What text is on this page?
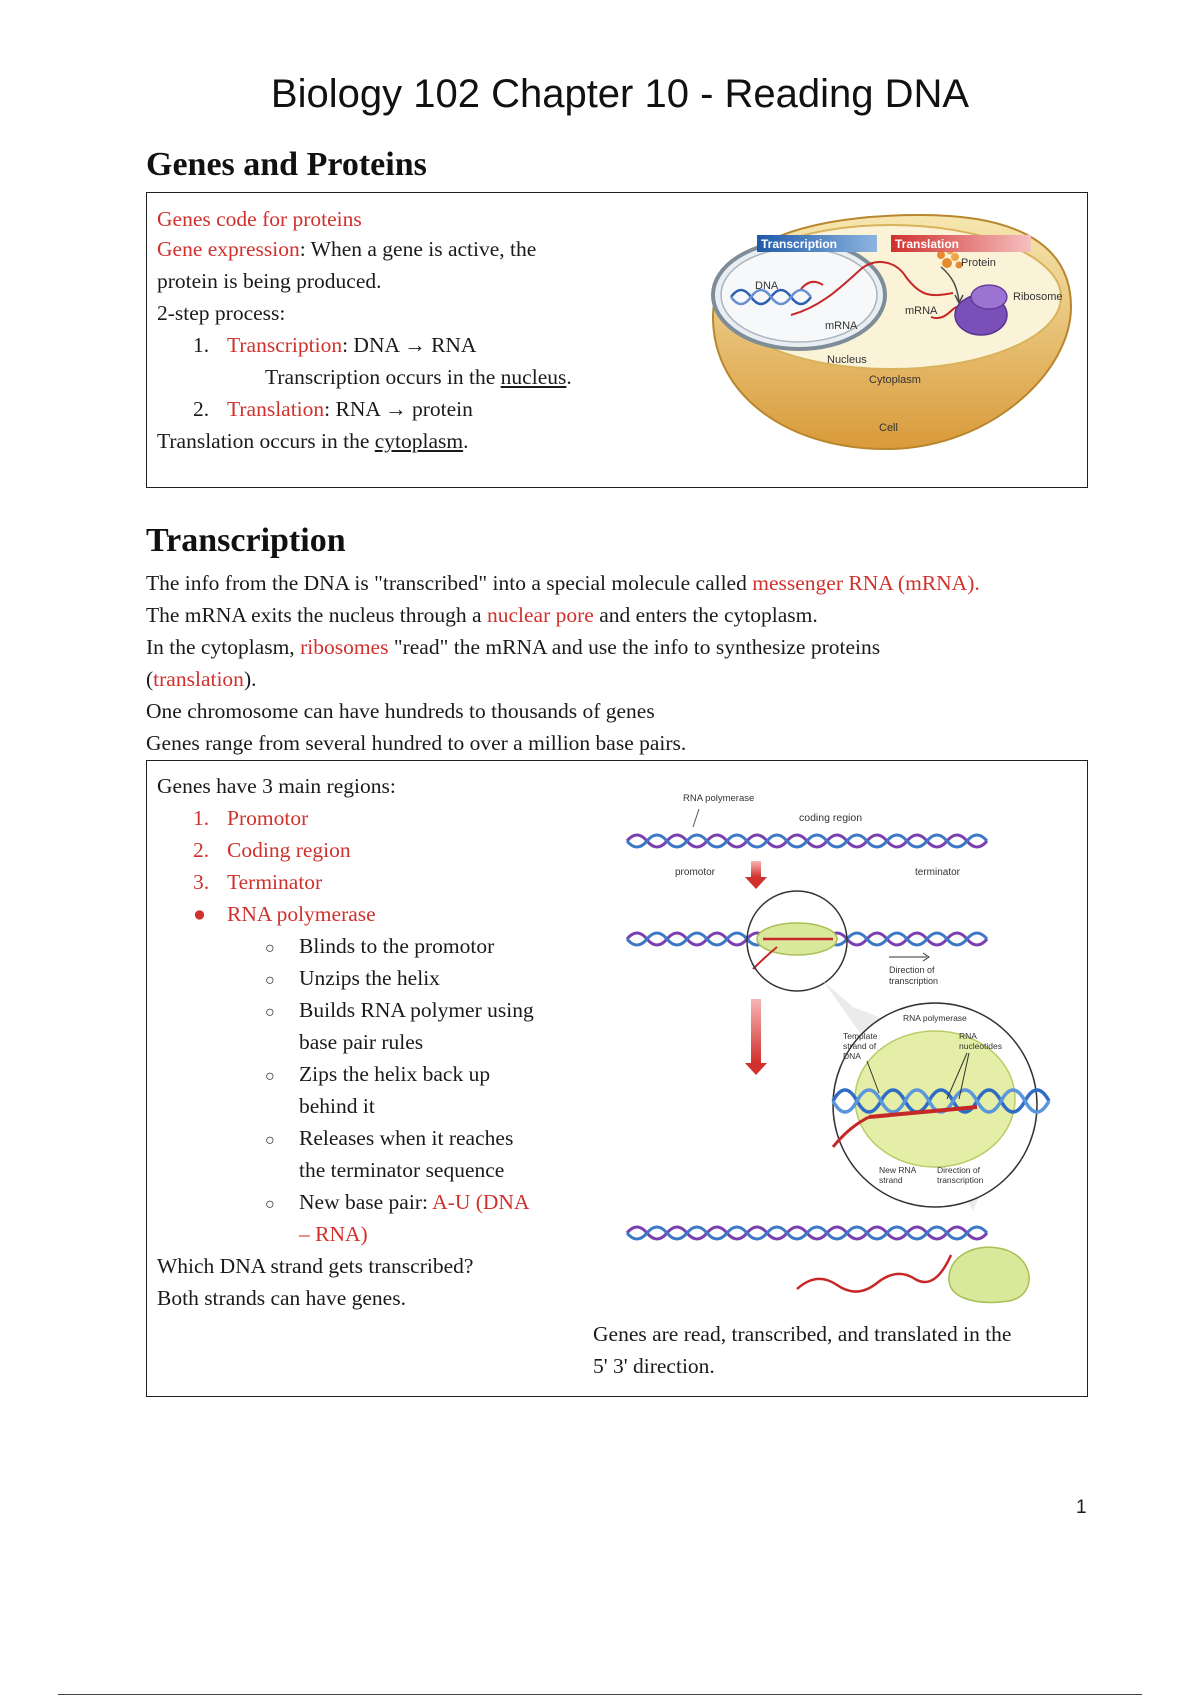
Biology 102 Chapter 10 - Reading DNA
Genes and Proteins
Genes code for proteins
Gene expression: When a gene is active, the
protein is being produced.
2-step process:
1. Transcription: DNA → RNA
Transcription occurs in the nucleus.
2. Translation: RNA → protein
Translation occurs in the cytoplasm.
Transcription	Translation
Protein
Ribosome
DNA
mRNA
mRNA
Nucleus
Cytoplasm
Cell
Transcription
The info from the DNA is "transcribed" into a special molecule called messenger RNA (mRNA).
The mRNA exits the nucleus through a nuclear pore and enters the cytoplasm.
In the cytoplasm, ribosomes "read" the mRNA and use the info to synthesize proteins
(translation).
One chromosome can have hundreds to thousands of genes
Genes range from several hundred to over a million base pairs.
Genes have 3 main regions:
1. Promotor
2. Coding region
3. Terminator
● RNA polymerase
○ Blinds to the promotor
○ Unzips the helix
○ Builds RNA polymer using
base pair rules
○ Zips the helix back up
behind it
○ Releases when it reaches
the terminator sequence
○ New base pair: A-U (DNA
– RNA)
Which DNA strand gets transcribed?
Both strands can have genes.
Genes are read, transcribed, and translated in the
5' 3' direction.
RNA polymerase
coding region
promotor	terminator
Direction of
transcription
RNA polymerase
Template
strand of
DNA
RNA
nucleotides
New RNA
strand
Direction of
transcription
1
